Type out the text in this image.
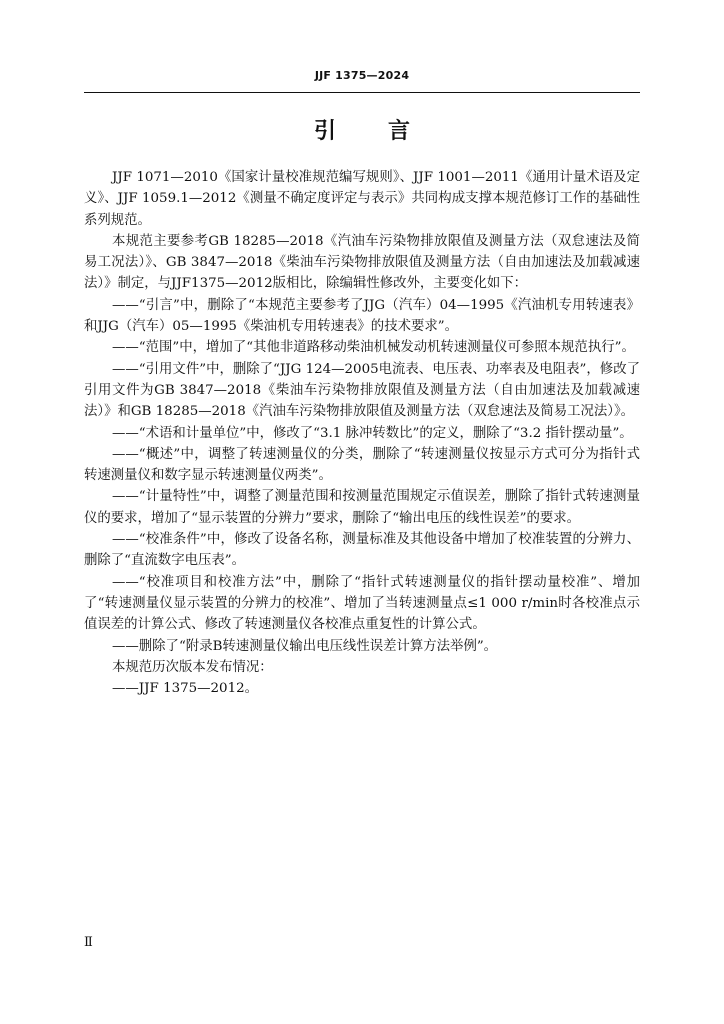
JJF 1375—2024
引言

JJF 1071—2010《国家计量校准规范编写规则》、JJF 1001—2011《通用计量术语及定义》、JJF 1059.1—2012《测量不确定度评定与表示》共同构成支撑本规范修订工作的基础性系列规范。

本规范主要参考GB 18285—2018《汽油车污染物排放限值及测量方法（双怠速法及简易工况法）》、GB 3847—2018《柴油车污染物排放限值及测量方法（自由加速法及加载减速法）》制定，与JJF1375—2012版相比，除编辑性修改外，主要变化如下：

——“引言”中，删除了“本规范主要参考了JJG（汽车）04—1995《汽油机专用转速表》和JJG（汽车）05—1995《柴油机专用转速表》的技术要求”。

——“范围”中，增加了“其他非道路移动柴油机械发动机转速测量仪可参照本规范执行”。

——“引用文件”中，删除了“JJG 124—2005电流表、电压表、功率表及电阻表”，修改了引用文件为GB 3847—2018《柴油车污染物排放限值及测量方法（自由加速法及加载减速法）》和GB 18285—2018《汽油车污染物排放限值及测量方法（双怠速法及简易工况法）》。

——“术语和计量单位”中，修改了“3.1 脉冲转数比”的定义，删除了“3.2 指针摆动量”。

——“概述”中，调整了转速测量仪的分类，删除了“转速测量仪按显示方式可分为指针式转速测量仪和数字显示转速测量仪两类”。

——“计量特性”中，调整了测量范围和按测量范围规定示值误差，删除了指针式转速测量仪的要求，增加了“显示装置的分辨力”要求，删除了“输出电压的线性误差”的要求。

——“校准条件”中，修改了设备名称，测量标准及其他设备中增加了校准装置的分辨力、删除了“直流数字电压表”。

——“校准项目和校准方法”中，删除了“指针式转速测量仪的指针摆动量校准”、增加了“转速测量仪显示装置的分辨力的校准”、增加了当转速测量点≤1 000 r/min时各校准点示值误差的计算公式、修改了转速测量仪各校准点重复性的计算公式。

——删除了“附录B转速测量仪输出电压线性误差计算方法举例”。

本规范历次版本发布情况：

——JJF 1375—2012。

Ⅱ
